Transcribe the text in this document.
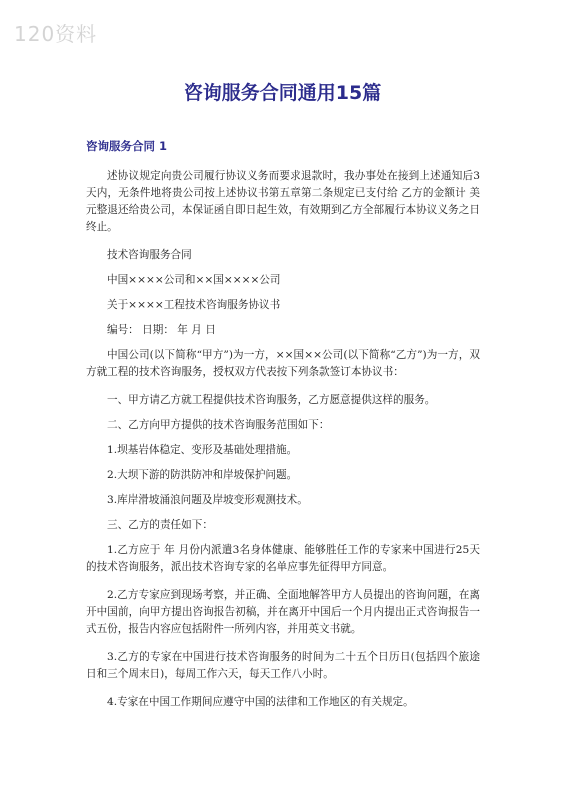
120资料
咨询服务合同通用15篇
咨询服务合同 1

述协议规定向贵公司履行协议义务而要求退款时，我办事处在接到上述通知后3天内，无条件地将贵公司按上述协议书第五章第二条规定已支付给 乙方的金额计 美元整退还给贵公司，本保证函自即日起生效，有效期到乙方全部履行本协议义务之日终止。

技术咨询服务合同

中国××××公司和××国××××公司

关于××××工程技术咨询服务协议书

编号： 日期： 年 月 日

中国公司(以下简称“甲方”)为一方，××国××公司(以下简称“乙方”)为一方，双方就工程的技术咨询服务，授权双方代表按下列条款签订本协议书：

一、甲方请乙方就工程提供技术咨询服务，乙方愿意提供这样的服务。

二、乙方向甲方提供的技术咨询服务范围如下：

1.坝基岩体稳定、变形及基础处理措施。

2.大坝下游的防洪防冲和岸坡保护问题。

3.库岸滑坡涌浪问题及岸坡变形观测技术。

三、乙方的责任如下：

1.乙方应于 年 月份内派遣3名身体健康、能够胜任工作的专家来中国进行25天的技术咨询服务，派出技术咨询专家的名单应事先征得甲方同意。

2.乙方专家应到现场考察，并正确、全面地解答甲方人员提出的咨询问题，在离开中国前，向甲方提出咨询报告初稿，并在离开中国后一个月内提出正式咨询报告一式五份，报告内容应包括附件一所列内容，并用英文书就。

3.乙方的专家在中国进行技术咨询服务的时间为二十五个日历日(包括四个旅途日和三个周末日)，每周工作六天，每天工作八小时。

4.专家在中国工作期间应遵守中国的法律和工作地区的有关规定。
